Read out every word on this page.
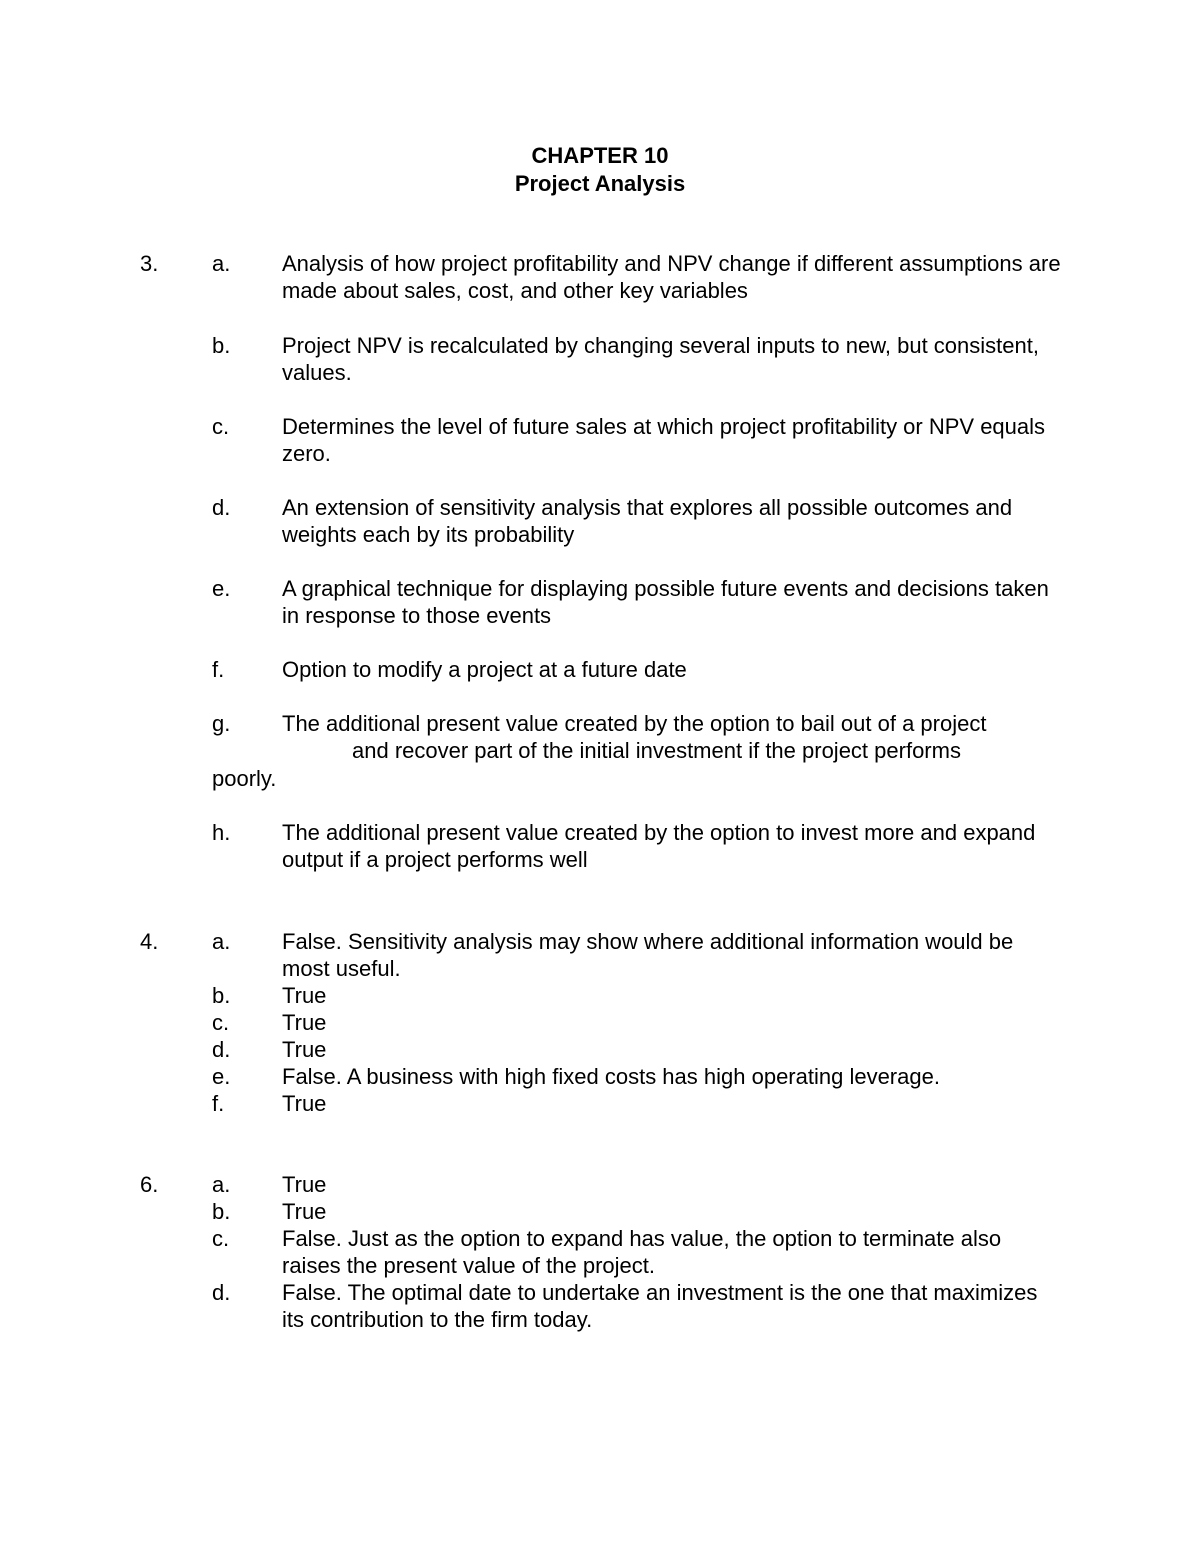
CHAPTER 10
Project Analysis
3. a. Analysis of how project profitability and NPV change if different assumptions are made about sales, cost, and other key variables
b. Project NPV is recalculated by changing several inputs to new, but consistent, values.
c. Determines the level of future sales at which project profitability or NPV equals zero.
d. An extension of sensitivity analysis that explores all possible outcomes and weights each by its probability
e. A graphical technique for displaying possible future events and decisions taken in response to those events
f.	Option to modify a project at a future date
g. The additional present value created by the option to bail out of a project
and recover part of the initial investment if the project performs
poorly.
h. The additional present value created by the option to invest more and expand output if a project performs well
4. a. False. Sensitivity analysis may show where additional information would be most useful.
b. True
c. True
d. True
e. False. A business with high fixed costs has high operating leverage.
f.	True
6. a. True
b. True
c. False. Just as the option to expand has value, the option to terminate also raises the present value of the project.
d. False. The optimal date to undertake an investment is the one that maximizes its contribution to the firm today.
